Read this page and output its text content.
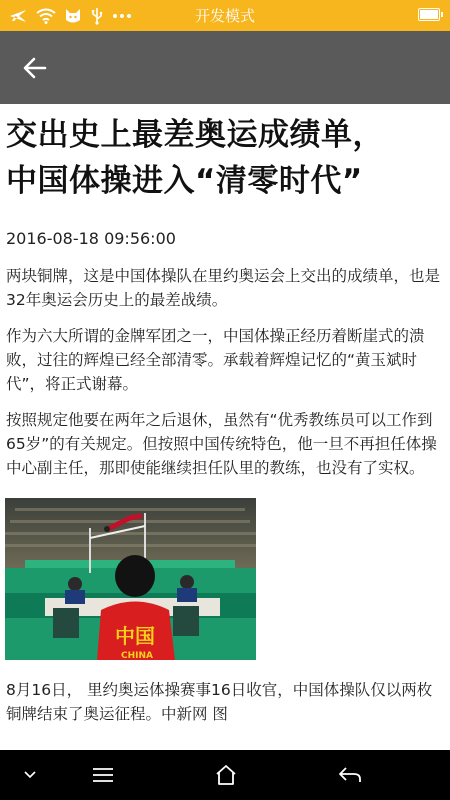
开发模式
交出史上最差奥运成绩单，
中国体操进入“清零时代”
2016-08-18 09:56:00

两块铜牌，这是中国体操队在里约奥运会上交出的成绩单，也是32年奥运会历史上的最差战绩。

作为六大所谓的金牌军团之一，中国体操正经历着断崖式的溃败，过往的辉煌已经全部清零。承载着辉煌记忆的“黄玉斌时代”，将正式谢幕。

按照规定他要在两年之后退休，虽然有“优秀教练员可以工作到65岁”的有关规定。但按照中国传统特色，他一旦不再担任体操中心副主任，那即使能继续担任队里的教练，也没有了实权。

中国
CHINA

8月16日， 里约奥运体操赛事16日收官，中国体操队仅以两枚铜牌结束了奥运征程。中新网 图
